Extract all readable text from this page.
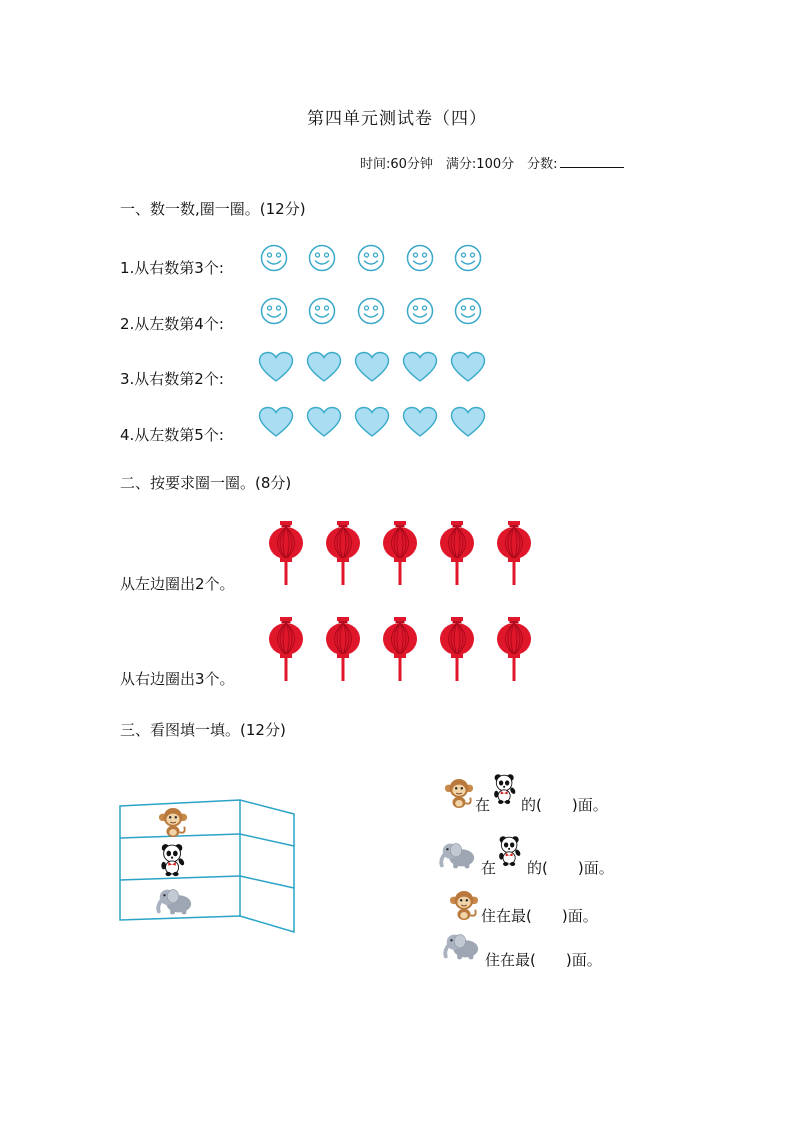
第四单元测试卷（四）
时间:60分钟　满分:100分　分数:
一、数一数,圈一圈。(12分)
1.从右数第3个:
2.从左数第4个:
3.从右数第2个:
4.从左数第5个:
二、按要求圈一圈。(8分)
从左边圈出2个。
从右边圈出3个。
三、看图填一填。(12分)
在 的(　　)面。
在 的(　　)面。
住在最(　　)面。
住在最(　　)面。
